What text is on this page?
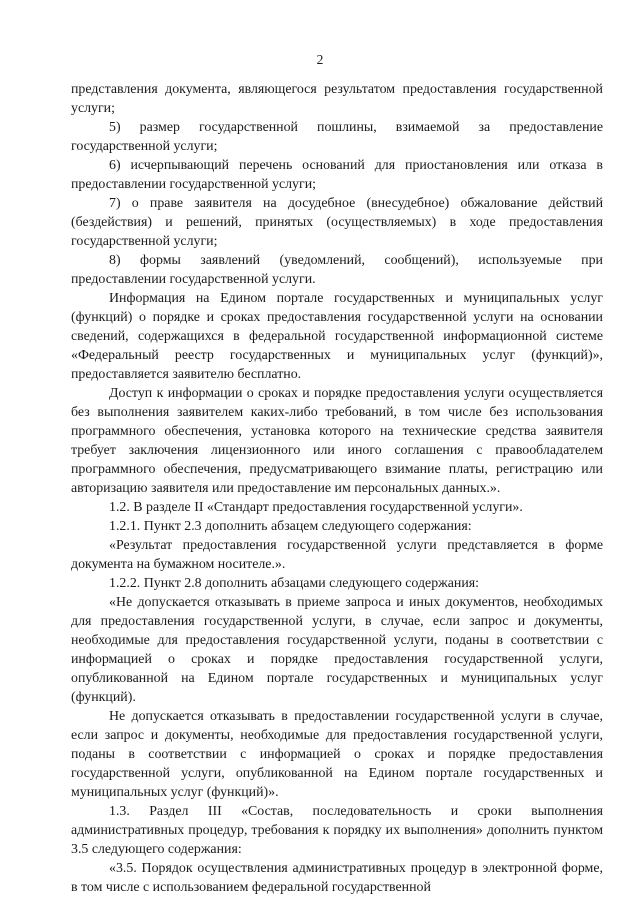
2

представления документа, являющегося результатом предоставления государственной услуги;

5) размер государственной пошлины, взимаемой за предоставление государственной услуги;

6) исчерпывающий перечень оснований для приостановления или отказа в предоставлении государственной услуги;

7) о праве заявителя на досудебное (внесудебное) обжалование действий (бездействия) и решений, принятых (осуществляемых) в ходе предоставления государственной услуги;

8) формы заявлений (уведомлений, сообщений), используемые при предоставлении государственной услуги.

Информация на Едином портале государственных и муниципальных услуг (функций) о порядке и сроках предоставления государственной услуги на основании сведений, содержащихся в федеральной государственной информационной системе «Федеральный реестр государственных и муниципальных услуг (функций)», предоставляется заявителю бесплатно.

Доступ к информации о сроках и порядке предоставления услуги осуществляется без выполнения заявителем каких-либо требований, в том числе без использования программного обеспечения, установка которого на технические средства заявителя требует заключения лицензионного или иного соглашения с правообладателем программного обеспечения, предусматривающего взимание платы, регистрацию или авторизацию заявителя или предоставление им персональных данных.».

1.2. В разделе II «Стандарт предоставления государственной услуги».

1.2.1. Пункт 2.3 дополнить абзацем следующего содержания:

«Результат предоставления государственной услуги представляется в форме документа на бумажном носителе.».

1.2.2. Пункт 2.8 дополнить абзацами следующего содержания:

«Не допускается отказывать в приеме запроса и иных документов, необходимых для предоставления государственной услуги, в случае, если запрос и документы, необходимые для предоставления государственной услуги, поданы в соответствии с информацией о сроках и порядке предоставления государственной услуги, опубликованной на Едином портале государственных и муниципальных услуг (функций).

Не допускается отказывать в предоставлении государственной услуги в случае, если запрос и документы, необходимые для предоставления государственной услуги, поданы в соответствии с информацией о сроках и порядке предоставления государственной услуги, опубликованной на Едином портале государственных и муниципальных услуг (функций)».

1.3. Раздел III «Состав, последовательность и сроки выполнения административных процедур, требования к порядку их выполнения» дополнить пунктом 3.5 следующего содержания:

«3.5. Порядок осуществления административных процедур в электронной форме, в том числе с использованием федеральной государственной
